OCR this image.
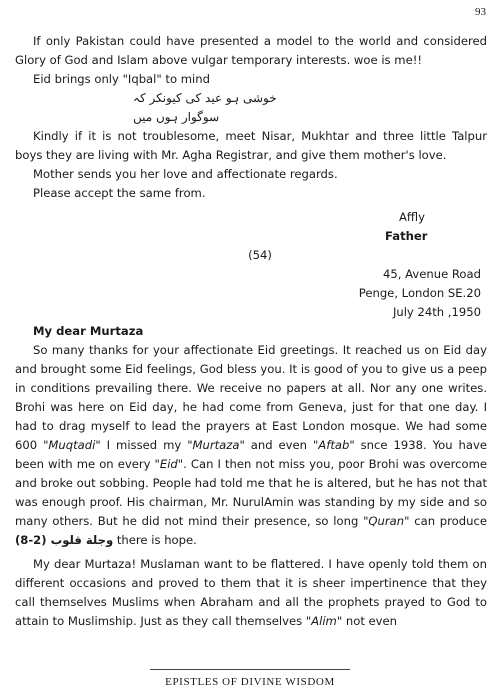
93

If only Pakistan could have presented a model to the world and considered Glory of God and Islam above vulgar temporary interests. woe is me!!

Eid brings only "Iqbal" to mind

خوشی ہو عید کی کیونکر کہ سوگوار ہوں میں

Kindly if it is not troublesome, meet Nisar, Mukhtar and three little Talpur boys they are living with Mr. Agha Registrar, and give them mother's love.

Mother sends you her love and affectionate regards.

Please accept the same from.

Affly

Father

(54)

45, Avenue Road

Penge, London SE.20

July 24th ,1950

My dear Murtaza

So many thanks for your affectionate Eid greetings. It reached us on Eid day and brought some Eid feelings, God bless you. It is good of you to give us a peep in conditions prevailing there. We receive no papers at all. Nor any one writes. Brohi was here on Eid day, he had come from Geneva, just for that one day. I had to drag myself to lead the prayers at East London mosque. We had some 600 "Muqtadi" I missed my "Murtaza" and even "Aftab" snce 1938. You have been with me on every "Eid". Can I then not miss you, poor Brohi was overcome and broke out sobbing. People had told me that he is altered, but he has not that was enough proof. His chairman, Mr. NurulAmin was standing by my side and so many others. But he did not mind their presence, so long "Quran" can produce (8-2) وجلة قلوب there is hope.

My dear Murtaza! Muslaman want to be flattered. I have openly told them on different occasions and proved to them that it is sheer impertinence that they call themselves Muslims when Abraham and all the prophets prayed to God to attain to Muslimship. Just as they call themselves "Alim" not even

EPISTLES OF DIVINE WISDOM
